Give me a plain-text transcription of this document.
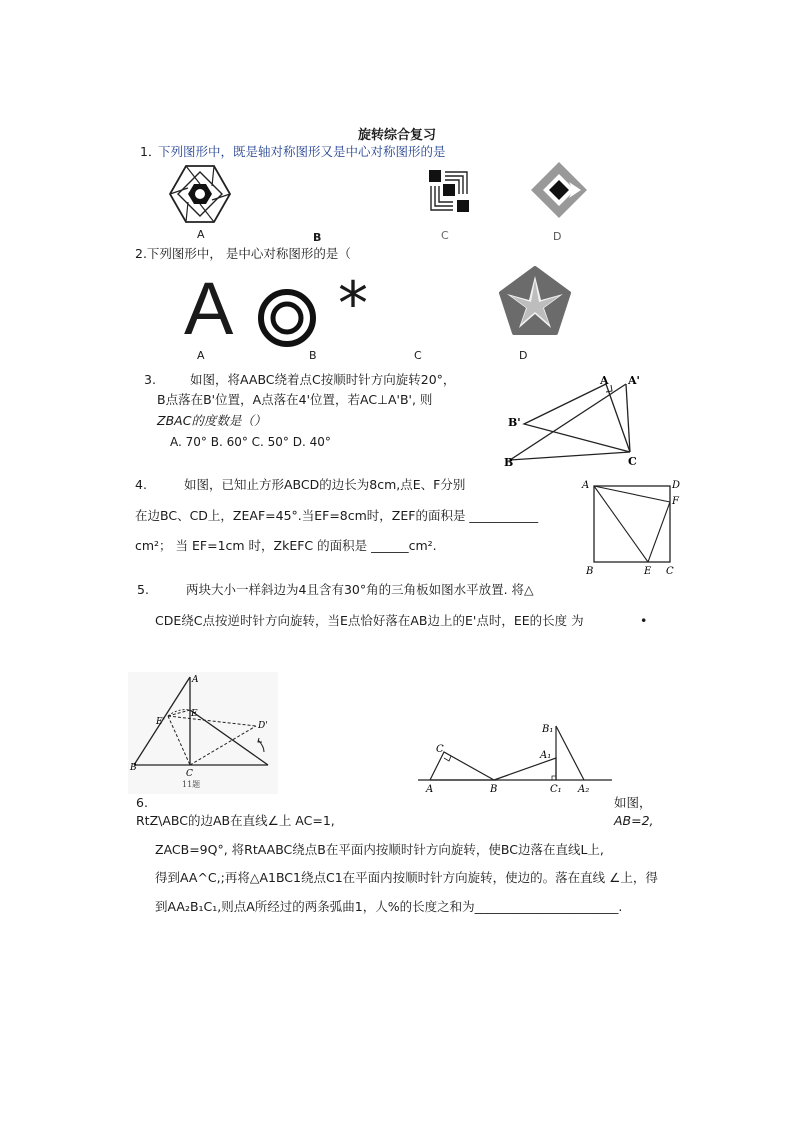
旋转综合复习
1．
下列图形中，既是轴对称图形又是中心对称图形的是
A	B	C	D
2.下列图形中， 是中心对称图形的是（
A *
A	B	C	D
3.	如图，将AABC绕着点C按顺时针方向旋转20°，
B点落在B'位置，A点落在4'位置，若AC⊥A'B', 则
ZBAC的度数是（）
A. 70° B. 60° C. 50° D. 40°
A A'
B'
B	C
4.	如图，已知止方形ABCD的边长为8cm,点E、F分别
在边BC、CD上，ZEAF=45°.当EF=8cm时，ZEF的面积是 ___________
cm²； 当 EF=1cm 时，ZkEFC 的面积是 ______cm².
A	D
F
B	E C
5.	两块大小一样斜边为4且含有30°角的三角板如图水平放置. 将△
CDE绕C点按逆时针方向旋转，当E点恰好落在AB边上的E'点时，EE的长度 为	•
A
E
E'	D'
B
C
11题
C
A	B
A₁
B₁
C₁ A₂
6.	如图，
RtZ\ABC的边AB在直线∠上 AC=1,	AB=2,
ZACB=9Q°, 将RtAABC绕点B在平面内按顺时针方向旋转，使BC边落在直线L上,
得到AA^C,;再将△A1BC1绕点C1在平面内按顺时针方向旋转，使边的。落在直线 ∠上，得
到AA₂B₁C₁,则点A所经过的两条弧曲1，人%的长度之和为_______________________.
